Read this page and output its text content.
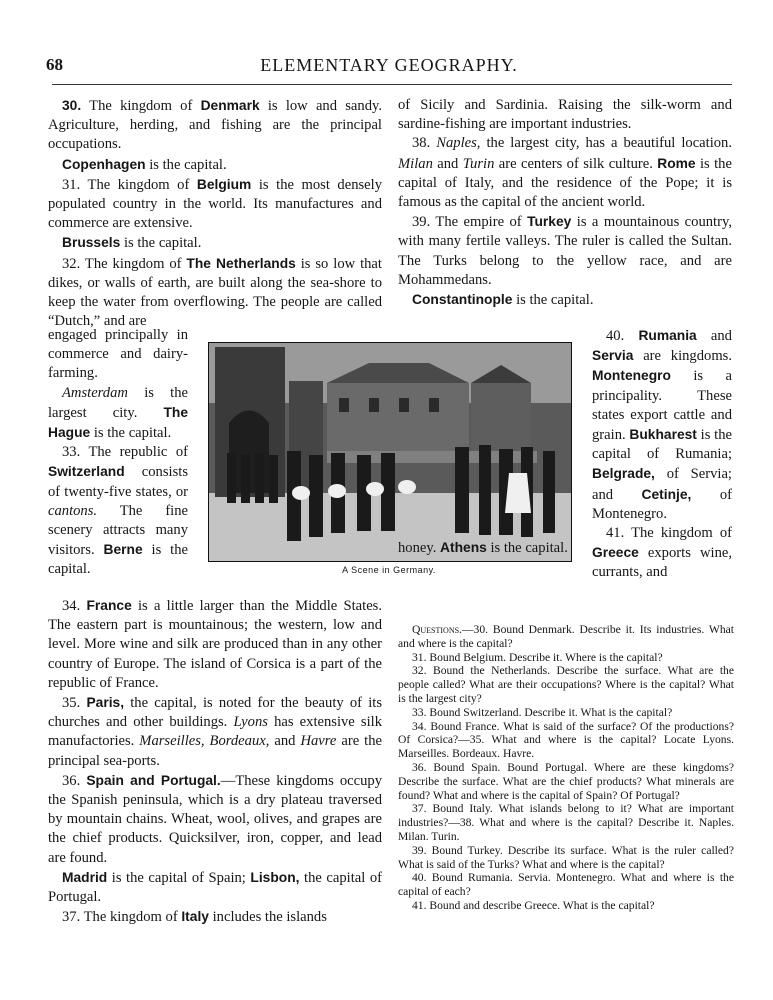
68	ELEMENTARY GEOGRAPHY.

30. The kingdom of Denmark is low and sandy. Agriculture, herding, and fishing are the principal occupations.

Copenhagen is the capital.

31. The kingdom of Belgium is the most densely populated country in the world. Its manufactures and commerce are extensive.

Brussels is the capital.

32. The kingdom of The Netherlands is so low that dikes, or walls of earth, are built along the sea-shore to keep the water from overflowing. The people are called “Dutch,” and are

engaged principally in commerce and dairy-farming.

Amsterdam is the largest city. The Hague is the capital.

33. The republic of Switzerland consists of twenty-five states, or cantons. The fine scenery attracts many visitors. Berne is the capital.	A Scene in Germany.

40. Rumania and Servia are kingdoms. Montenegro is a principality. These states export cattle and grain. Bukharest is the capital of Rumania; Belgrade, of Servia; and Cetinje, of Montenegro.

41. The kingdom of Greece exports wine, currants, and

34. France is a little larger than the Middle States. The eastern part is mountainous; the western, low and level. More wine and silk are produced than in any other country of Europe. The island of Corsica is a part of the republic of France.

35. Paris, the capital, is noted for the beauty of its churches and other buildings. Lyons has extensive silk manufactories. Marseilles, Bordeaux, and Havre are the principal sea-ports.

36. Spain and Portugal.—These kingdoms occupy the Spanish peninsula, which is a dry plateau traversed by mountain chains. Wheat, wool, olives, and grapes are the chief products. Quicksilver, iron, copper, and lead are found.

Madrid is the capital of Spain; Lisbon, the capital of Portugal.

37. The kingdom of Italy includes the islands

of Sicily and Sardinia. Raising the silk-worm and sardine-fishing are important industries.

38. Naples, the largest city, has a beautiful location. Milan and Turin are centers of silk culture. Rome is the capital of Italy, and the residence of the Pope; it is famous as the capital of the ancient world.

39. The empire of Turkey is a mountainous country, with many fertile valleys. The ruler is called the Sultan. The Turks belong to the yellow race, and are Mohammedans.

Constantinople is the capital.

honey. Athens is the capital.

Questions.—30. Bound Denmark. Describe it. Its industries. What and where is the capital?

31. Bound Belgium. Describe it. Where is the capital?

32. Bound the Netherlands. Describe the surface. What are the people called? What are their occupations? Where is the capital? What is the largest city?

33. Bound Switzerland. Describe it. What is the capital?

34. Bound France. What is said of the surface? Of the productions? Of Corsica?—35. What and where is the capital? Locate Lyons. Marseilles. Bordeaux. Havre.

36. Bound Spain. Bound Portugal. Where are these kingdoms? Describe the surface. What are the chief products? What minerals are found? What and where is the capital of Spain? Of Portugal?

37. Bound Italy. What islands belong to it? What are important industries?—38. What and where is the capital? Describe it. Naples. Milan. Turin.

39. Bound Turkey. Describe its surface. What is the ruler called? What is said of the Turks? What and where is the capital?

40. Bound Rumania. Servia. Montenegro. What and where is the capital of each?

41. Bound and describe Greece. What is the capital?
